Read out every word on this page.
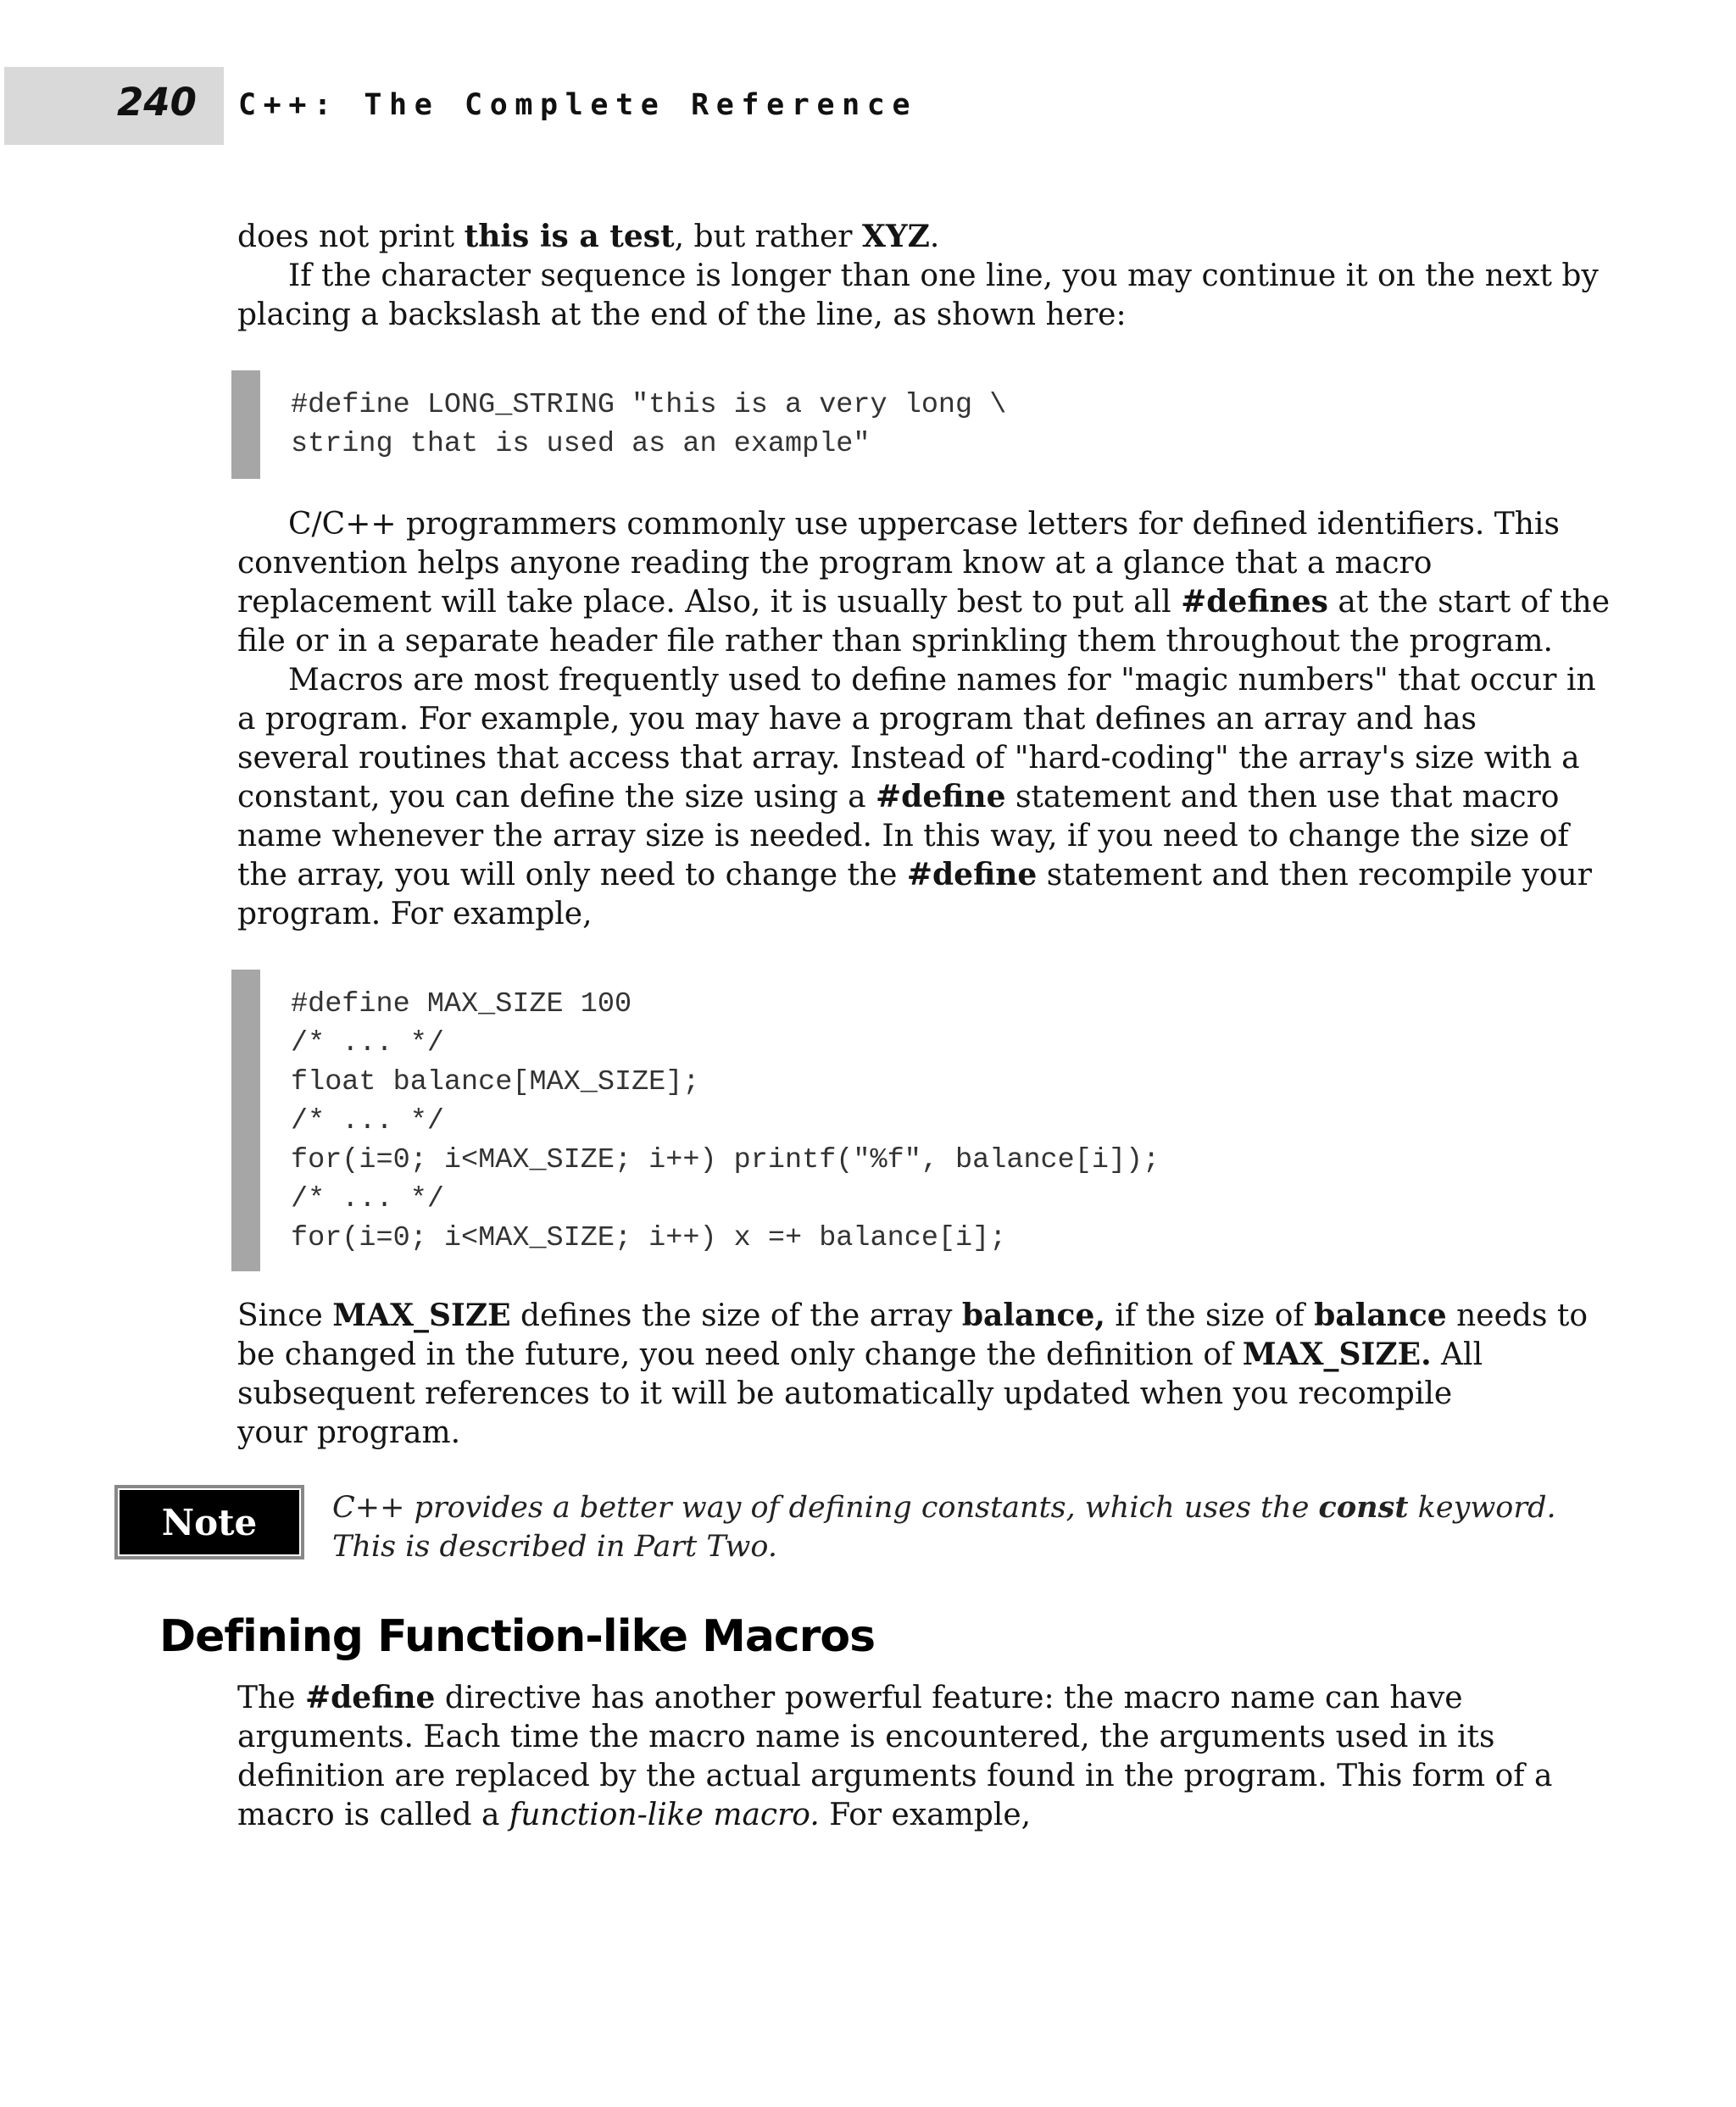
240 C++: The Complete Reference

does not print this is a test, but rather XYZ.

If the character sequence is longer than one line, you may continue it on the next by

placing a backslash at the end of the line, as shown here:

#define LONG_STRING "this is a very long \
string that is used as an example"

C/C++ programmers commonly use uppercase letters for defined identifiers. This

convention helps anyone reading the program know at a glance that a macro

replacement will take place. Also, it is usually best to put all #defines at the start of the

file or in a separate header file rather than sprinkling them throughout the program.

Macros are most frequently used to define names for "magic numbers" that occur in

a program. For example, you may have a program that defines an array and has

several routines that access that array. Instead of "hard-coding" the array's size with a

constant, you can define the size using a #define statement and then use that macro

name whenever the array size is needed. In this way, if you need to change the size of

the array, you will only need to change the #define statement and then recompile your

program. For example,

#define MAX_SIZE 100
/* ... */
float balance[MAX_SIZE];
/* ... */
for(i=0; i<MAX_SIZE; i++) printf("%f", balance[i]);
/* ... */
for(i=0; i<MAX_SIZE; i++) x =+ balance[i];

Since MAX_SIZE defines the size of the array balance, if the size of balance needs to

be changed in the future, you need only change the definition of MAX_SIZE. All

subsequent references to it will be automatically updated when you recompile

your program.

Note	C++ provides a better way of defining constants, which uses the const keyword.

This is described in Part Two.

Defining Function-like Macros

The #define directive has another powerful feature: the macro name can have

arguments. Each time the macro name is encountered, the arguments used in its

definition are replaced by the actual arguments found in the program. This form of a

macro is called a function-like macro. For example,
